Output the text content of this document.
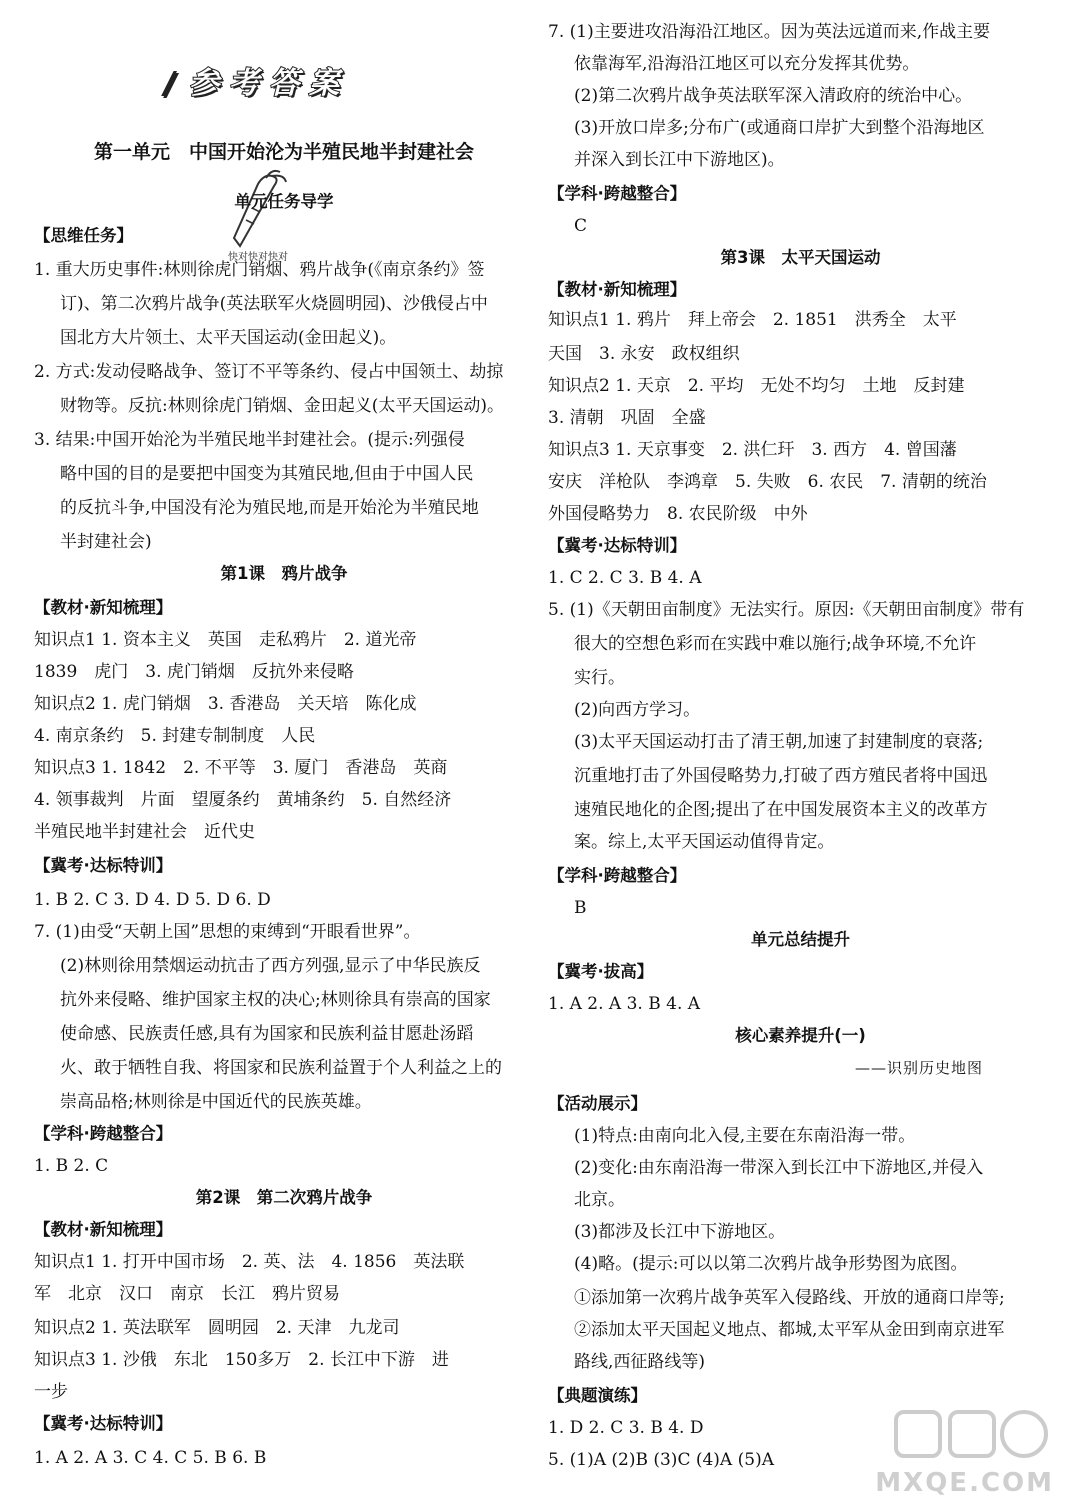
/ 参考答案
快对快对快对
第一单元　中国开始沦为半殖民地半封建社会
单元任务导学
【思维任务】
1. 重大历史事件:林则徐虎门销烟、鸦片战争(《南京条约》签
订)、第二次鸦片战争(英法联军火烧圆明园)、沙俄侵占中
国北方大片领土、太平天国运动(金田起义)。
2. 方式:发动侵略战争、签订不平等条约、侵占中国领土、劫掠
财物等。反抗:林则徐虎门销烟、金田起义(太平天国运动)。
3. 结果:中国开始沦为半殖民地半封建社会。(提示:列强侵
略中国的目的是要把中国变为其殖民地,但由于中国人民
的反抗斗争,中国没有沦为殖民地,而是开始沦为半殖民地
半封建社会)
第1课　鸦片战争
【教材·新知梳理】
知识点1 1. 资本主义　英国　走私鸦片　2. 道光帝
1839　虎门　3. 虎门销烟　反抗外来侵略
知识点2 1. 虎门销烟　3. 香港岛　关天培　陈化成
4. 南京条约　5. 封建专制制度　人民
知识点3 1. 1842　2. 不平等　3. 厦门　香港岛　英商
4. 领事裁判　片面　望厦条约　黄埔条约　5. 自然经济
半殖民地半封建社会　近代史
【冀考·达标特训】
1. B 2. C 3. D 4. D 5. D 6. D
7. (1)由受“天朝上国”思想的束缚到“开眼看世界”。
(2)林则徐用禁烟运动抗击了西方列强,显示了中华民族反
抗外来侵略、维护国家主权的决心;林则徐具有崇高的国家
使命感、民族责任感,具有为国家和民族利益甘愿赴汤蹈
火、敢于牺牲自我、将国家和民族利益置于个人利益之上的
崇高品格;林则徐是中国近代的民族英雄。
【学科·跨越整合】
1. B 2. C
第2课　第二次鸦片战争
【教材·新知梳理】
知识点1 1. 打开中国市场　2. 英、法　4. 1856　英法联
军　北京　汉口　南京　长江　鸦片贸易
知识点2 1. 英法联军　圆明园　2. 天津　九龙司
知识点3 1. 沙俄　东北　150多万　2. 长江中下游　进
一步
【冀考·达标特训】
1. A 2. A 3. C 4. C 5. B 6. B
7. (1)主要进攻沿海沿江地区。因为英法远道而来,作战主要
依靠海军,沿海沿江地区可以充分发挥其优势。
(2)第二次鸦片战争英法联军深入清政府的统治中心。
(3)开放口岸多;分布广(或通商口岸扩大到整个沿海地区
并深入到长江中下游地区)。
【学科·跨越整合】
C
第3课　太平天国运动
【教材·新知梳理】
知识点1 1. 鸦片　拜上帝会　2. 1851　洪秀全　太平
天国　3. 永安　政权组织
知识点2 1. 天京　2. 平均　无处不均匀　土地　反封建
3. 清朝　巩固　全盛
知识点3 1. 天京事变　2. 洪仁玕　3. 西方　4. 曾国藩
安庆　洋枪队　李鸿章　5. 失败　6. 农民　7. 清朝的统治
外国侵略势力　8. 农民阶级　中外
【冀考·达标特训】
1. C 2. C 3. B 4. A
5. (1)《天朝田亩制度》无法实行。原因:《天朝田亩制度》带有
很大的空想色彩而在实践中难以施行;战争环境,不允许
实行。
(2)向西方学习。
(3)太平天国运动打击了清王朝,加速了封建制度的衰落;
沉重地打击了外国侵略势力,打破了西方殖民者将中国迅
速殖民地化的企图;提出了在中国发展资本主义的改革方
案。综上,太平天国运动值得肯定。
【学科·跨越整合】
B
单元总结提升
【冀考·拔高】
1. A 2. A 3. B 4. A
核心素养提升(一)
——识别历史地图
【活动展示】
(1)特点:由南向北入侵,主要在东南沿海一带。
(2)变化:由东南沿海一带深入到长江中下游地区,并侵入
北京。
(3)都涉及长江中下游地区。
(4)略。(提示:可以以第二次鸦片战争形势图为底图。
①添加第一次鸦片战争英军入侵路线、开放的通商口岸等;
②添加太平天国起义地点、都城,太平军从金田到南京进军
路线,西征路线等)
【典题演练】
1. D 2. C 3. B 4. D
5. (1)A (2)B (3)C (4)A (5)A
MXQE.COM
